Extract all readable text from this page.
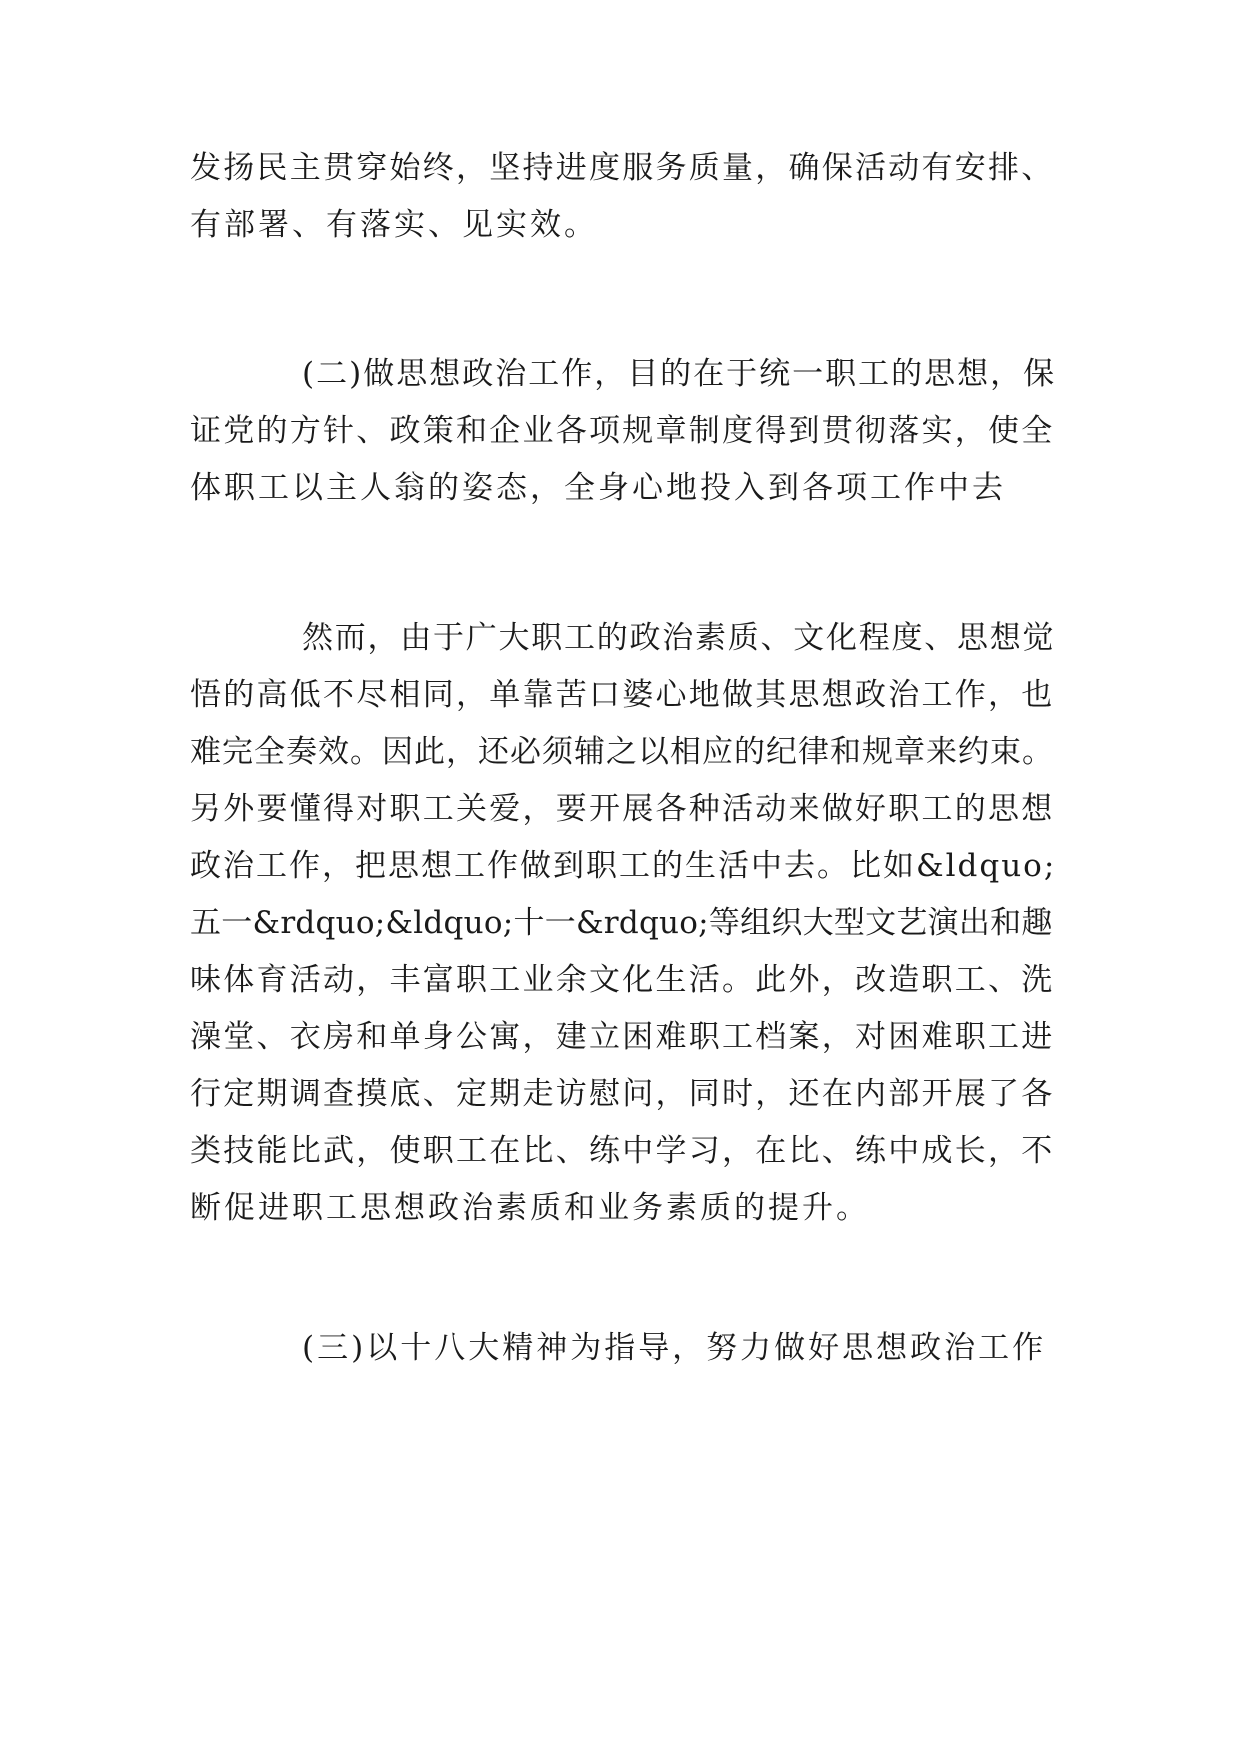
发扬民主贯穿始终，坚持进度服务质量，确保活动有安排、
有部署、有落实、见实效。
(二)做思想政治工作，目的在于统一职工的思想，保
证党的方针、政策和企业各项规章制度得到贯彻落实，使全
体职工以主人翁的姿态，全身心地投入到各项工作中去
然而，由于广大职工的政治素质、文化程度、思想觉
悟的高低不尽相同，单靠苦口婆心地做其思想政治工作，也
难完全奏效。因此，还必须辅之以相应的纪律和规章来约束。
另外要懂得对职工关爱，要开展各种活动来做好职工的思想
政治工作，把思想工作做到职工的生活中去。比如&ldquo;
五一&rdquo;&ldquo;十一&rdquo;等组织大型文艺演出和趣
味体育活动，丰富职工业余文化生活。此外，改造职工、洗
澡堂、衣房和单身公寓，建立困难职工档案，对困难职工进
行定期调查摸底、定期走访慰问，同时，还在内部开展了各
类技能比武，使职工在比、练中学习，在比、练中成长，不
断促进职工思想政治素质和业务素质的提升。
(三)以十八大精神为指导，努力做好思想政治工作
